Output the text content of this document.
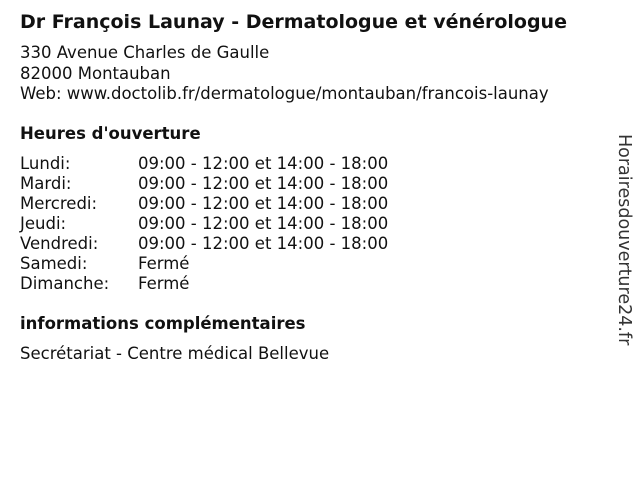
Dr François Launay - Dermatologue et vénérologue
330 Avenue Charles de Gaulle
82000 Montauban
Web: www.doctolib.fr/dermatologue/montauban/francois-launay
Heures d'ouverture
Lundi:	09:00 - 12:00 et 14:00 - 18:00
Mardi:	09:00 - 12:00 et 14:00 - 18:00
Mercredi: 09:00 - 12:00 et 14:00 - 18:00
Jeudi:	09:00 - 12:00 et 14:00 - 18:00
Vendredi: 09:00 - 12:00 et 14:00 - 18:00
Samedi:	Fermé
Dimanche: Fermé
informations complémentaires
Secrétariat - Centre médical Bellevue
Horairesdouverture24.fr
